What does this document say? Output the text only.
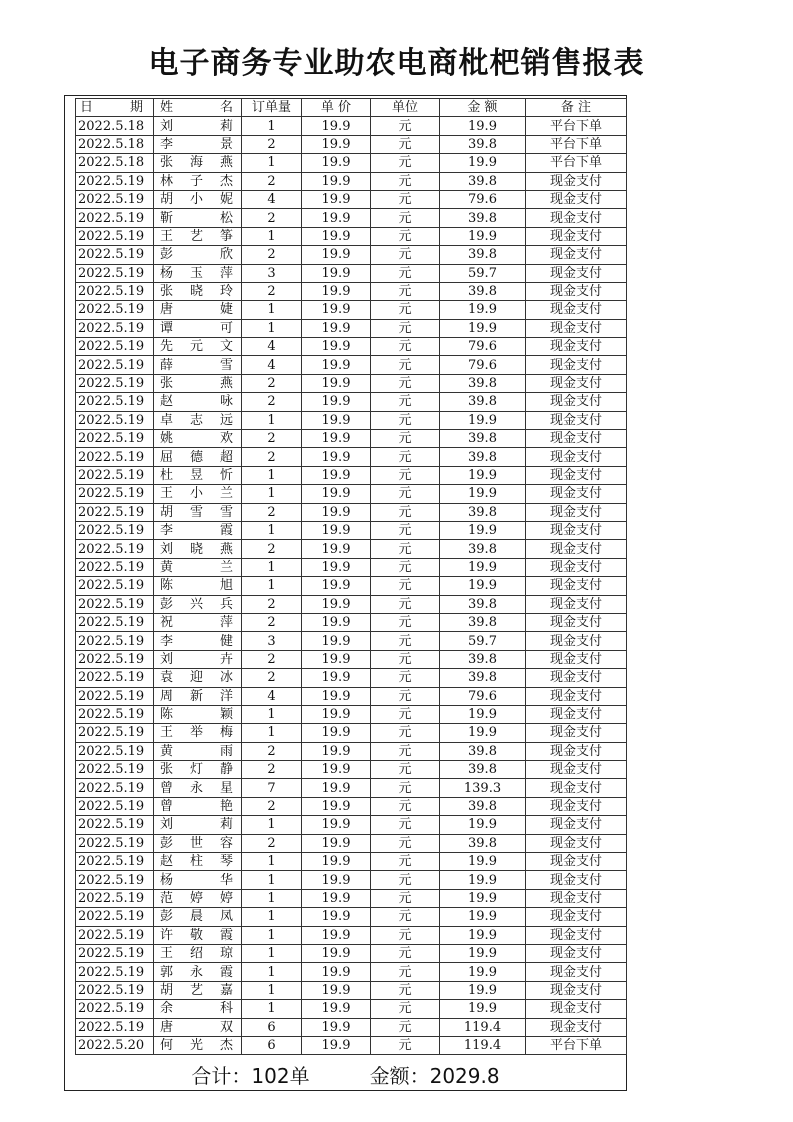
电子商务专业助农电商枇杷销售报表
日 期	姓 名	订单量	单 价	单位	金 额	备 注
2022.5.18	刘 莉	1	19.9	元	19.9	平台下单
2022.5.18	李 景	2	19.9	元	39.8	平台下单
2022.5.18	张 海 燕	1	19.9	元	19.9	平台下单
2022.5.19	林 子 杰	2	19.9	元	39.8	现金支付
2022.5.19	胡 小 妮	4	19.9	元	79.6	现金支付
2022.5.19	靳 松	2	19.9	元	39.8	现金支付
2022.5.19	王 艺 筝	1	19.9	元	19.9	现金支付
2022.5.19	彭 欣	2	19.9	元	39.8	现金支付
2022.5.19	杨 玉 萍	3	19.9	元	59.7	现金支付
2022.5.19	张 晓 玲	2	19.9	元	39.8	现金支付
2022.5.19	唐 婕	1	19.9	元	19.9	现金支付
2022.5.19	谭 可	1	19.9	元	19.9	现金支付
2022.5.19	先 元 文	4	19.9	元	79.6	现金支付
2022.5.19	薛 雪	4	19.9	元	79.6	现金支付
2022.5.19	张 燕	2	19.9	元	39.8	现金支付
2022.5.19	赵 咏	2	19.9	元	39.8	现金支付
2022.5.19	卓 志 远	1	19.9	元	19.9	现金支付
2022.5.19	姚 欢	2	19.9	元	39.8	现金支付
2022.5.19	屈 德 超	2	19.9	元	39.8	现金支付
2022.5.19	杜 昱 忻	1	19.9	元	19.9	现金支付
2022.5.19	王 小 兰	1	19.9	元	19.9	现金支付
2022.5.19	胡 雪 雪	2	19.9	元	39.8	现金支付
2022.5.19	李 霞	1	19.9	元	19.9	现金支付
2022.5.19	刘 晓 燕	2	19.9	元	39.8	现金支付
2022.5.19	黄 兰	1	19.9	元	19.9	现金支付
2022.5.19	陈 旭	1	19.9	元	19.9	现金支付
2022.5.19	彭 兴 兵	2	19.9	元	39.8	现金支付
2022.5.19	祝 萍	2	19.9	元	39.8	现金支付
2022.5.19	李 健	3	19.9	元	59.7	现金支付
2022.5.19	刘 卉	2	19.9	元	39.8	现金支付
2022.5.19	袁 迎 冰	2	19.9	元	39.8	现金支付
2022.5.19	周 新 洋	4	19.9	元	79.6	现金支付
2022.5.19	陈 颖	1	19.9	元	19.9	现金支付
2022.5.19	王 举 梅	1	19.9	元	19.9	现金支付
2022.5.19	黄 雨	2	19.9	元	39.8	现金支付
2022.5.19	张 灯 静	2	19.9	元	39.8	现金支付
2022.5.19	曾 永 星	7	19.9	元	139.3	现金支付
2022.5.19	曾 艳	2	19.9	元	39.8	现金支付
2022.5.19	刘 莉	1	19.9	元	19.9	现金支付
2022.5.19	彭 世 容	2	19.9	元	39.8	现金支付
2022.5.19	赵 柱 琴	1	19.9	元	19.9	现金支付
2022.5.19	杨 华	1	19.9	元	19.9	现金支付
2022.5.19	范 婷 婷	1	19.9	元	19.9	现金支付
2022.5.19	彭 晨 凤	1	19.9	元	19.9	现金支付
2022.5.19	许 敬 霞	1	19.9	元	19.9	现金支付
2022.5.19	王 绍 琼	1	19.9	元	19.9	现金支付
2022.5.19	郭 永 霞	1	19.9	元	19.9	现金支付
2022.5.19	胡 艺 嘉	1	19.9	元	19.9	现金支付
2022.5.19	余 科	1	19.9	元	19.9	现金支付
2022.5.19	唐 双	6	19.9	元	119.4	现金支付
2022.5.20	何 光 杰	6	19.9	元	119.4	平台下单
合计：102单	金额：2029.8
